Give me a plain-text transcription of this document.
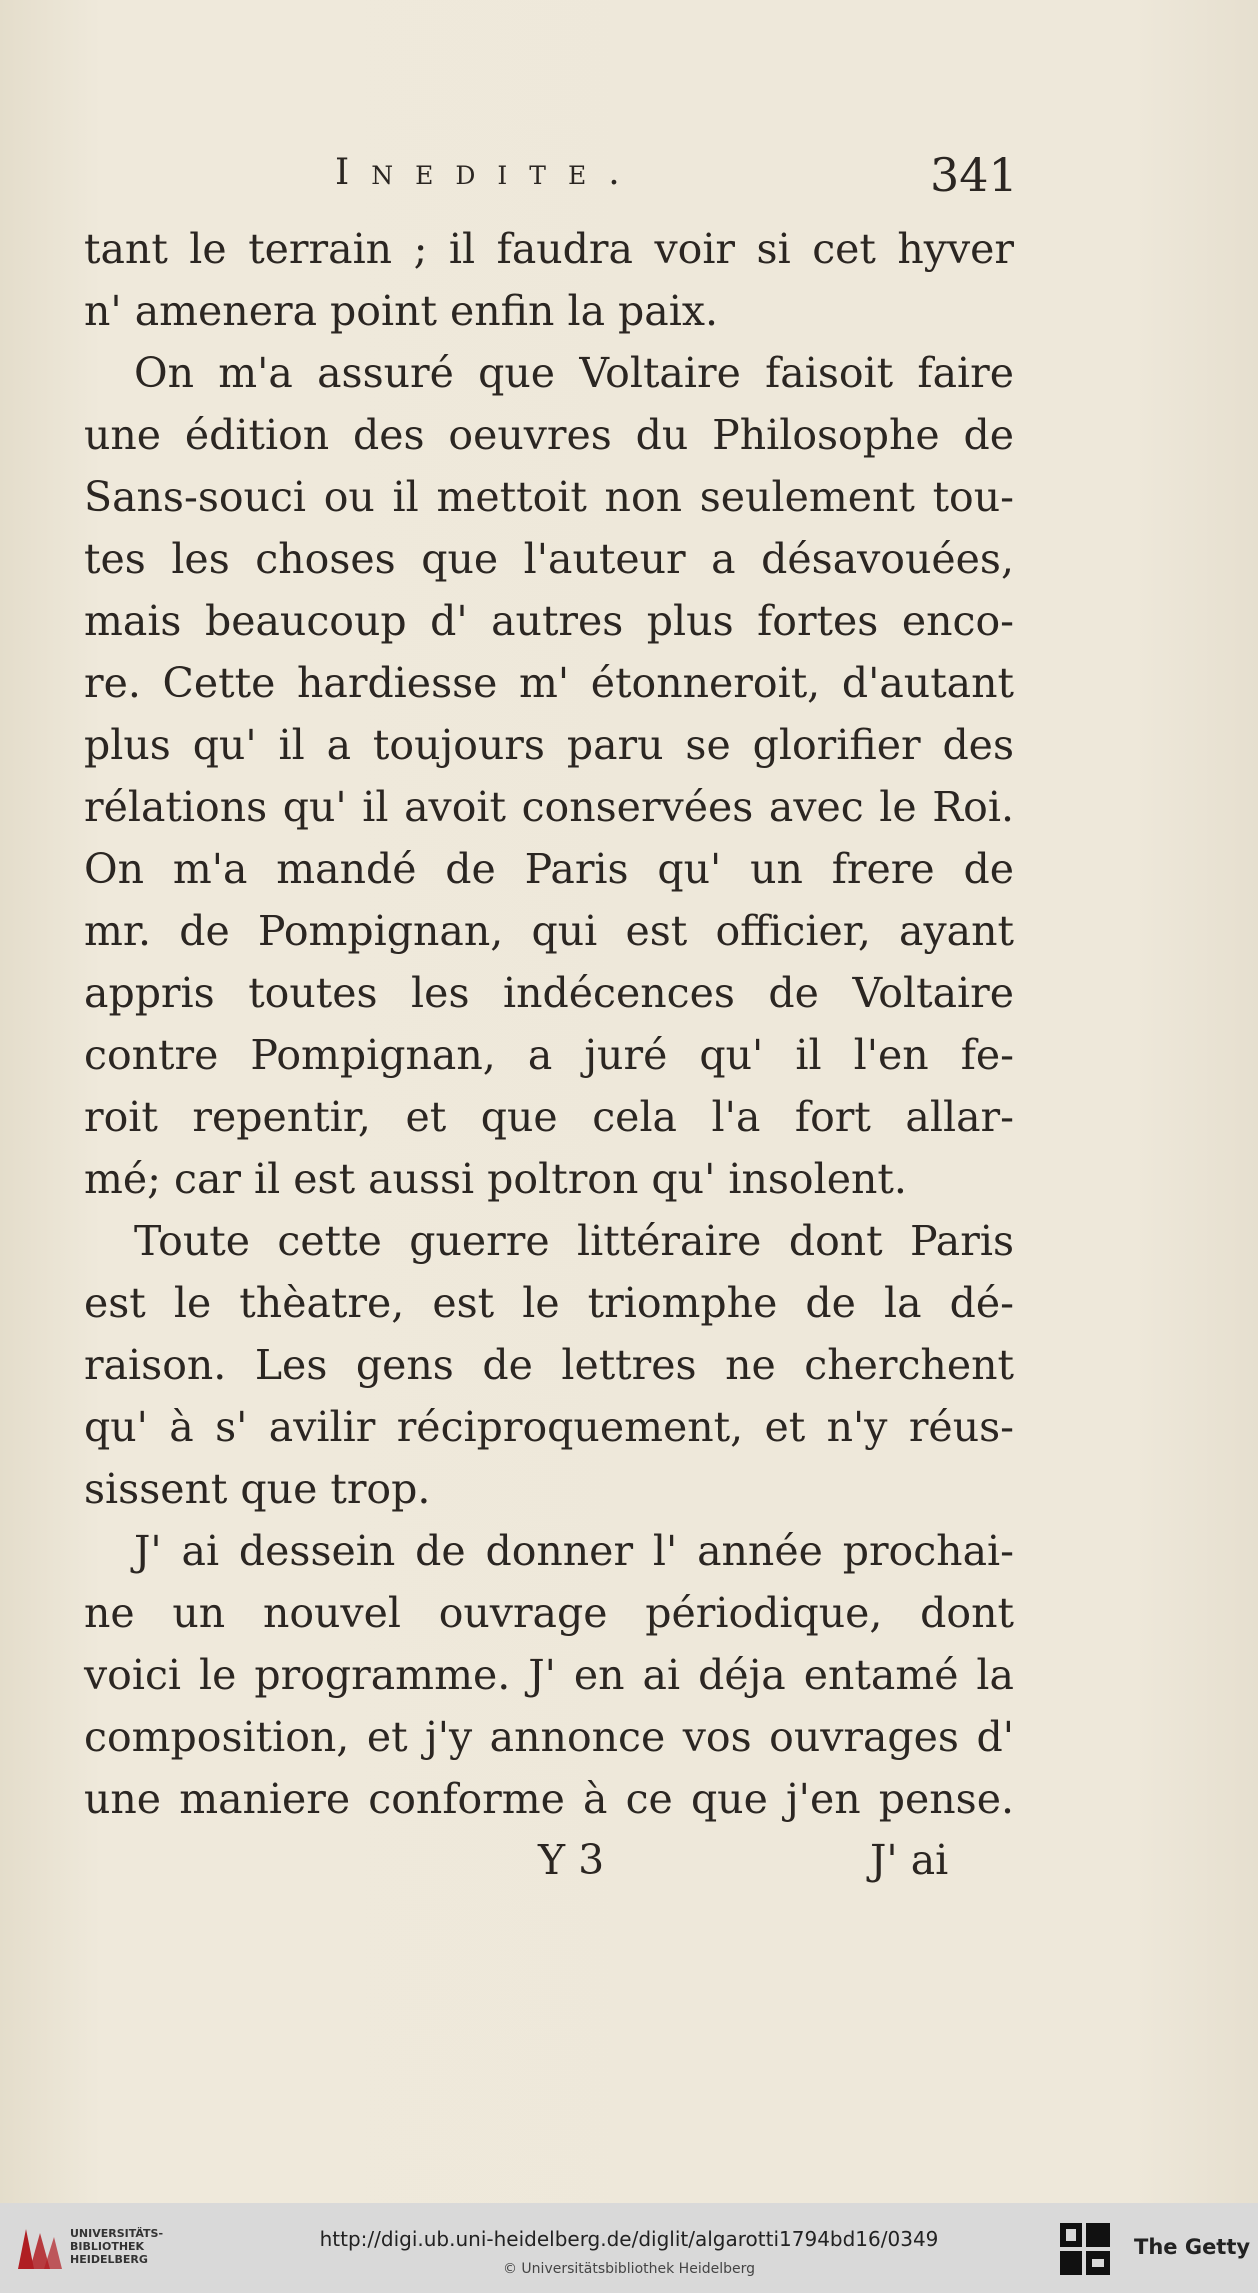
Inedite.	341
tant le terrain ; il faudra voir si cet hyver
n' amenera point enfin la paix.
On m'a assuré que Voltaire faisoit faire
une édition des oeuvres du Philosophe de
Sans-souci ou il mettoit non seulement tou-
tes les choses que l'auteur a désavouées,
mais beaucoup d' autres plus fortes enco-
re. Cette hardiesse m' étonneroit, d'autant
plus qu' il a toujours paru se glorifier des
rélations qu' il avoit conservées avec le Roi.
On m'a mandé de Paris qu' un frere de
mr. de Pompignan, qui est officier, ayant
appris toutes les indécences de Voltaire
contre Pompignan, a juré qu' il l'en fe-
roit repentir, et que cela l'a fort allar-
mé; car il est aussi poltron qu' insolent.
Toute cette guerre littéraire dont Paris
est le thèatre, est le triomphe de la dé-
raison. Les gens de lettres ne cherchent
qu' à s' avilir réciproquement, et n'y réus-
sissent que trop.
J' ai dessein de donner l' année prochai-
ne un nouvel ouvrage périodique, dont
voici le programme. J' en ai déja entamé la
composition, et j'y annonce vos ouvrages d'
une maniere conforme à ce que j'en pense.
Y 3	J' ai
UNIVERSITÄTS-
BIBLIOTHEK
HEIDELBERG
http://digi.ub.uni-heidelberg.de/diglit/algarotti1794bd16/0349
© Universitätsbibliothek Heidelberg
The Getty
